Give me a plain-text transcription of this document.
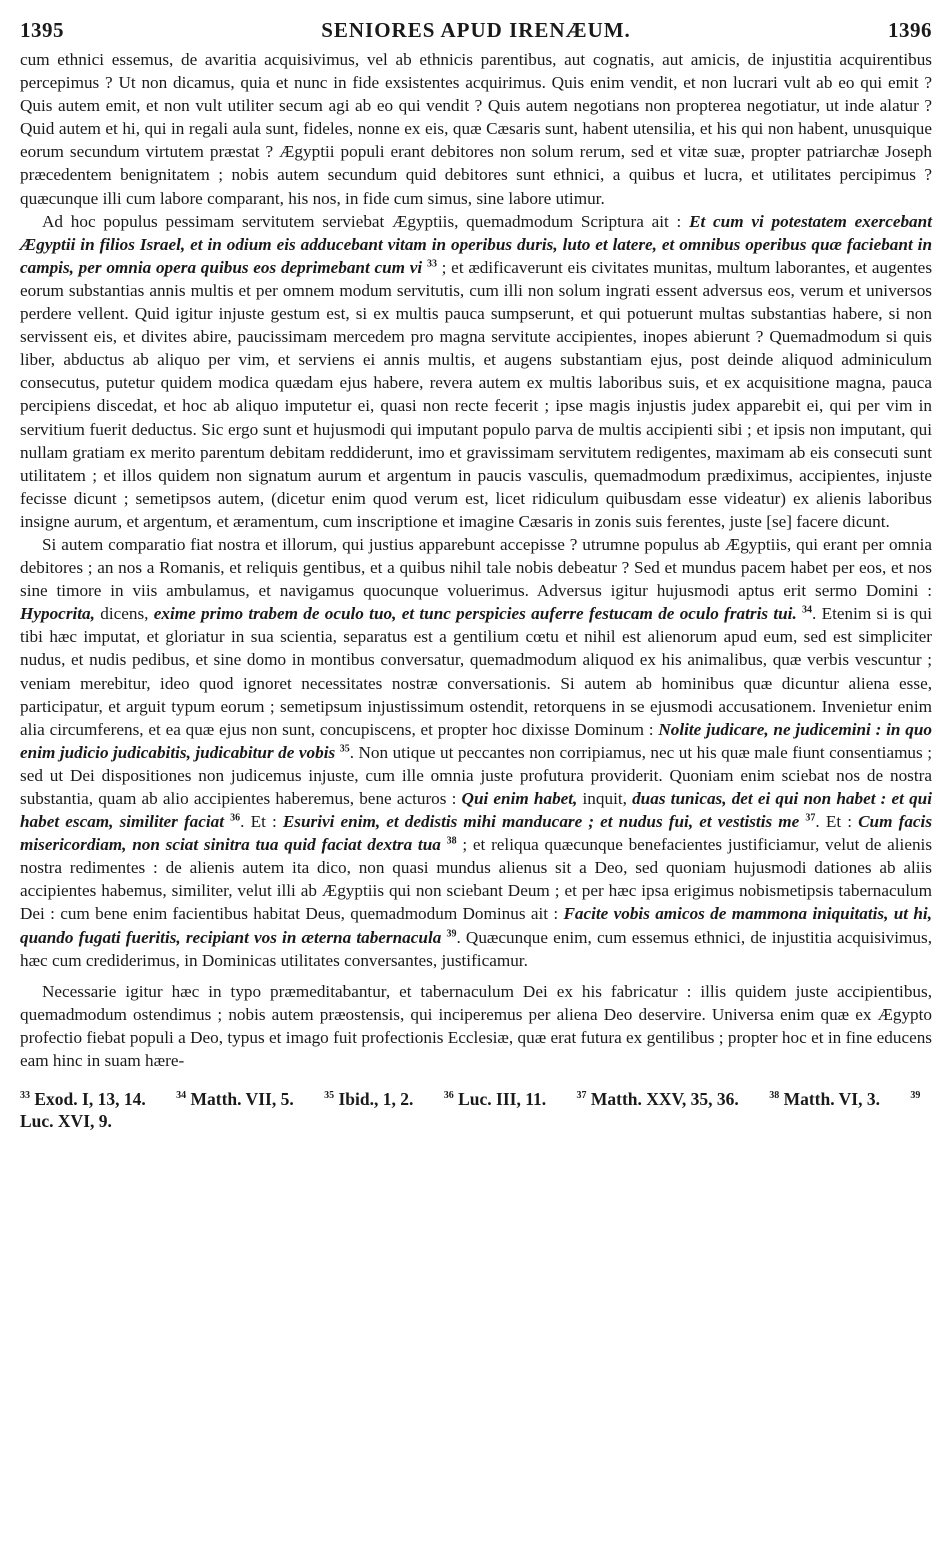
1395	SENIORES APUD IRENÆUM.	1396

cum ethnici essemus, de avaritia acquisivimus, vel ab ethnicis parentibus, aut cognatis, aut amicis, de injustitia acquirentibus percepimus ? Ut non dicamus, quia et nunc in fide exsistentes acquirimus. Quis enim vendit, et non lucrari vult ab eo qui emit ? Quis autem emit, et non vult utiliter secum agi ab eo qui vendit ? Quis autem negotians non propterea negotiatur, ut inde alatur ? Quid autem et hi, qui in regali aula sunt, fideles, nonne ex eis, quæ Cæsaris sunt, habent utensilia, et his qui non habent, unusquique eorum secundum virtutem præstat ? Ægyptii populi erant debitores non solum rerum, sed et vitæ suæ, propter patriarchæ Joseph præcedentem benignitatem ; nobis autem secundum quid debitores sunt ethnici, a quibus et lucra, et utilitates percipimus ? quæcunque illi cum labore comparant, his nos, in fide cum simus, sine labore utimur.

Ad hoc populus pessimam servitutem serviebat Ægyptiis, quemadmodum Scriptura ait : Et cum vi potestatem exercebant Ægyptii in filios Israel, et in odium eis adducebant vitam in operibus duris, luto et latere, et omnibus operibus quæ faciebant in campis, per omnia opera quibus eos deprimebant cum vi $^{33}$ ; et ædificaverunt eis civitates munitas, multum laborantes, et augentes eorum substantias annis multis et per omnem modum servitutis, cum illi non solum ingrati essent adversus eos, verum et universos perdere vellent. Quid igitur injuste gestum est, si ex multis pauca sumpserunt, et qui potuerunt multas substantias habere, si non servissent eis, et divites abire, paucissimam mercedem pro magna servitute accipientes, inopes abierunt ? Quemadmodum si quis liber, abductus ab aliquo per vim, et serviens ei annis multis, et augens substantiam ejus, post deinde aliquod adminiculum consecutus, putetur quidem modica quædam ejus habere, revera autem ex multis laboribus suis, et ex acquisitione magna, pauca percipiens discedat, et hoc ab aliquo imputetur ei, quasi non recte fecerit ; ipse magis injustis judex apparebit ei, qui per vim in servitium fuerit deductus. Sic ergo sunt et hujusmodi qui imputant populo parva de multis accipienti sibi ; et ipsis non imputant, qui nullam gratiam ex merito parentum debitam reddiderunt, imo et gravissimam servitutem redigentes, maximam ab eis consecuti sunt utilitatem ; et illos quidem non signatum aurum et argentum in paucis vasculis, quemadmodum prædiximus, accipientes, injuste fecisse dicunt ; semetipsos autem, (dicetur enim quod verum est, licet ridiculum quibusdam esse videatur) ex alienis laboribus insigne aurum, et argentum, et æramentum, cum inscriptione et imagine Cæsaris in zonis suis ferentes, juste [se] facere dicunt.

Si autem comparatio fiat nostra et illorum, qui justius apparebunt accepisse ? utrumne populus ab Ægyptiis, qui erant per omnia debitores ; an nos a Romanis, et reliquis gentibus, et a quibus nihil tale nobis debeatur ? Sed et mundus pacem habet per eos, et nos sine timore in viis ambulamus, et navigamus quocunque voluerimus. Adversus igitur hujusmodi aptus erit sermo Domini : Hypocrita, dicens, exime primo trabem de oculo tuo, et tunc perspicies auferre festucam de oculo fratris tui. $^{34}$. Etenim si is qui tibi hæc imputat, et gloriatur in sua scientia, separatus est a gentilium cœtu et nihil est alienorum apud eum, sed est simpliciter nudus, et nudis pedibus, et sine domo in montibus conversatur, quemadmodum aliquod ex his animalibus, quæ verbis vescuntur ; veniam merebitur, ideo quod ignoret necessitates nostræ conversationis. Si autem ab hominibus quæ dicuntur aliena esse, participatur, et arguit typum eorum ; semetipsum injustissimum ostendit, retorquens in se ejusmodi accusationem. Invenietur enim alia circumferens, et ea quæ ejus non sunt, concupiscens, et propter hoc dixisse Dominum : Nolite judicare, ne judicemini : in quo enim judicio judicabitis, judicabitur de vobis $^{35}$. Non utique ut peccantes non corripiamus, nec ut his quæ male fiunt consentiamus ; sed ut Dei dispositiones non judicemus injuste, cum ille omnia juste profutura providerit. Quoniam enim sciebat nos de nostra substantia, quam ab alio accipientes haberemus, bene acturos : Qui enim habet, inquit, duas tunicas, det ei qui non habet : et qui habet escam, similiter faciat $^{36}$. Et : Esurivi enim, et dedistis mihi manducare ; et nudus fui, et vestistis me $^{37}$. Et : Cum facis misericordiam, non sciat sinitra tua quid faciat dextra tua $^{38}$ ; et reliqua quæcunque benefacientes justificiamur, velut de alienis nostra redimentes : de alienis autem ita dico, non quasi mundus alienus sit a Deo, sed quoniam hujusmodi dationes ab aliis accipientes habemus, similiter, velut illi ab Ægyptiis qui non sciebant Deum ; et per hæc ipsa erigimus nobismetipsis tabernaculum Dei : cum bene enim facientibus habitat Deus, quemadmodum Dominus ait : Facite vobis amicos de mammona iniquitatis, ut hi, quando fugati fueritis, recipiant vos in æterna tabernacula $^{39}$. Quæcunque enim, cum essemus ethnici, de injustitia acquisivimus, hæc cum crediderimus, in Dominicas utilitates conversantes, justificamur.

Necessarie igitur hæc in typo præmeditabantur, et tabernaculum Dei ex his fabricatur : illis quidem juste accipientibus, quemadmodum ostendimus ; nobis autem præostensis, qui inciperemus per aliena Deo deservire. Universa enim quæ ex Ægypto profectio fiebat populi a Deo, typus et imago fuit profectionis Ecclesiæ, quæ erat futura ex gentilibus ; propter hoc et in fine educens eam hinc in suam hære-

$^{33}$ Exod. I, 13, 14.	$^{34}$ Matth. VII, 5.	$^{35}$ Ibid., 1, 2.	$^{36}$ Luc. III, 11.	$^{37}$ Matth. XXV, 35, 36.	$^{38}$ Matth. VI, 3.	$^{39}$ Luc. XVI, 9.
